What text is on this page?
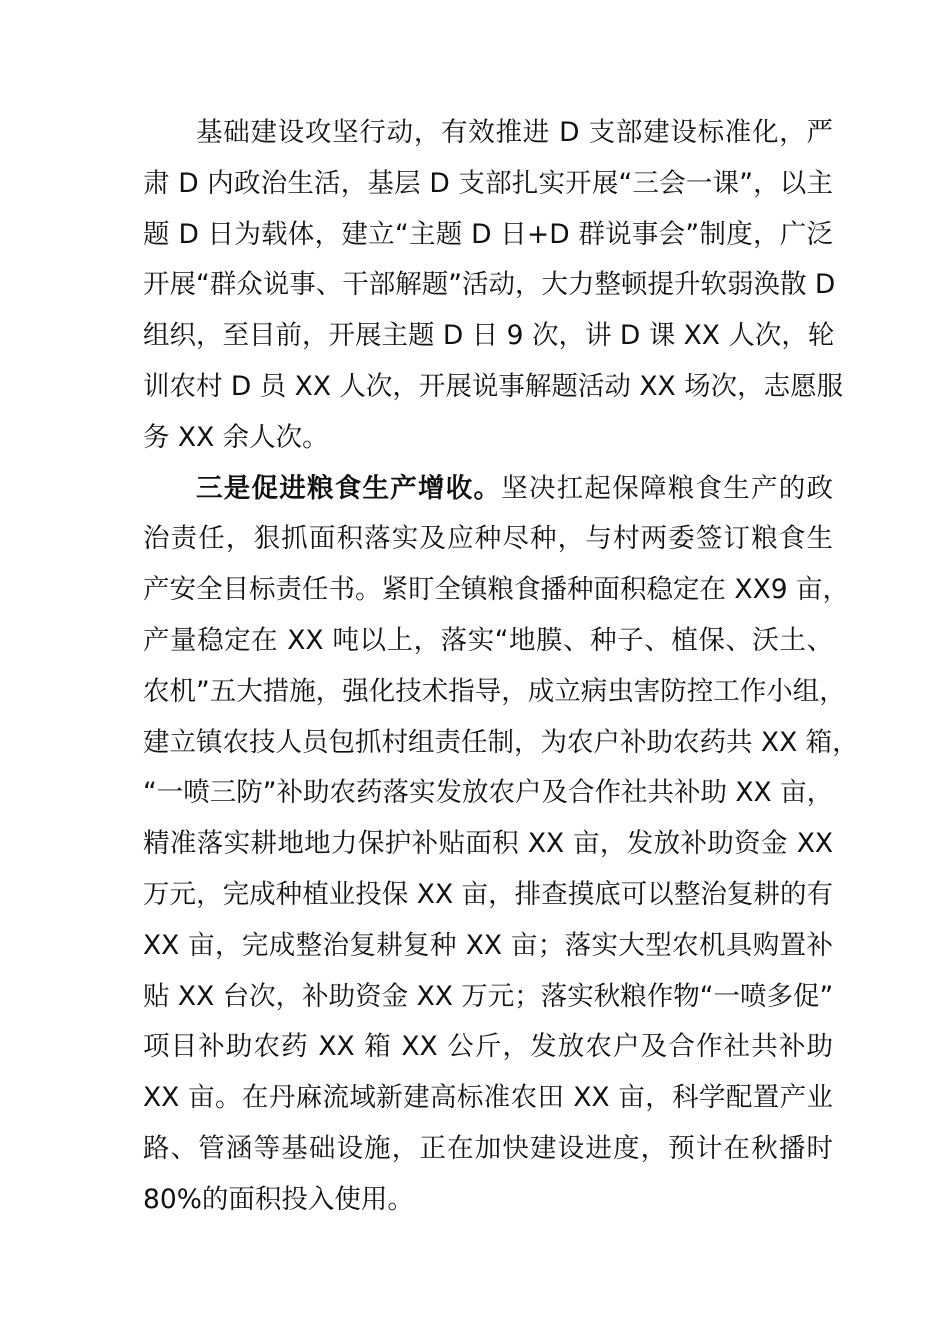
基础建设攻坚行动，有效推进 D 支部建设标准化，严
肃 D 内政治生活，基层 D 支部扎实开展“三会一课”，以主
题 D 日为载体，建立“主题 D 日+D 群说事会”制度，广泛
开展“群众说事、干部解题”活动，大力整顿提升软弱涣散 D
组织，至目前，开展主题 D 日 9 次，讲 D 课 XX 人次，轮
训农村 D 员 XX 人次，开展说事解题活动 XX 场次，志愿服
务 XX 余人次。
三是促进粮食生产增收。坚决扛起保障粮食生产的政
治责任，狠抓面积落实及应种尽种，与村两委签订粮食生
产安全目标责任书。紧盯全镇粮食播种面积稳定在 XX9 亩，
产量稳定在 XX 吨以上，落实“地膜、种子、植保、沃土、
农机”五大措施，强化技术指导，成立病虫害防控工作小组，
建立镇农技人员包抓村组责任制，为农户补助农药共 XX 箱，
“一喷三防”补助农药落实发放农户及合作社共补助 XX 亩，
精准落实耕地地力保护补贴面积 XX 亩，发放补助资金 XX
万元，完成种植业投保 XX 亩，排查摸底可以整治复耕的有
XX 亩，完成整治复耕复种 XX 亩；落实大型农机具购置补
贴 XX 台次，补助资金 XX 万元；落实秋粮作物“一喷多促”
项目补助农药 XX 箱 XX 公斤，发放农户及合作社共补助
XX 亩。在丹麻流域新建高标准农田 XX 亩，科学配置产业
路、管涵等基础设施，正在加快建设进度，预计在秋播时
80%的面积投入使用。
